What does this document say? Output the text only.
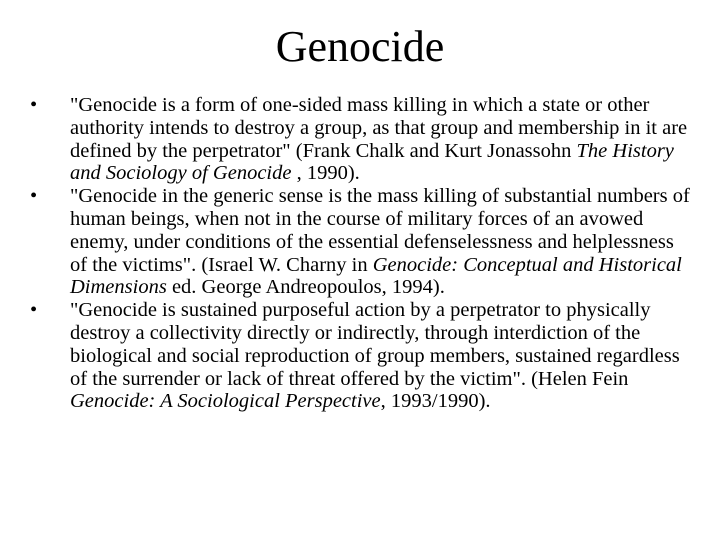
Genocide
•	"Genocide is a form of one-sided mass killing in which a state or other authority intends to destroy a group, as that group and membership in it are defined by the perpetrator" (Frank Chalk and Kurt Jonassohn The History and Sociology of Genocide , 1990).
•	"Genocide in the generic sense is the mass killing of substantial numbers of human beings, when not in the course of military forces of an avowed enemy, under conditions of the essential defenselessness and helplessness of the victims". (Israel W. Charny in Genocide: Conceptual and Historical Dimensions ed. George Andreopoulos, 1994).
•	"Genocide is sustained purposeful action by a perpetrator to physically destroy a collectivity directly or indirectly, through interdiction of the biological and social reproduction of group members, sustained regardless of the surrender or lack of threat offered by the victim". (Helen Fein Genocide: A Sociological Perspective, 1993/1990).
